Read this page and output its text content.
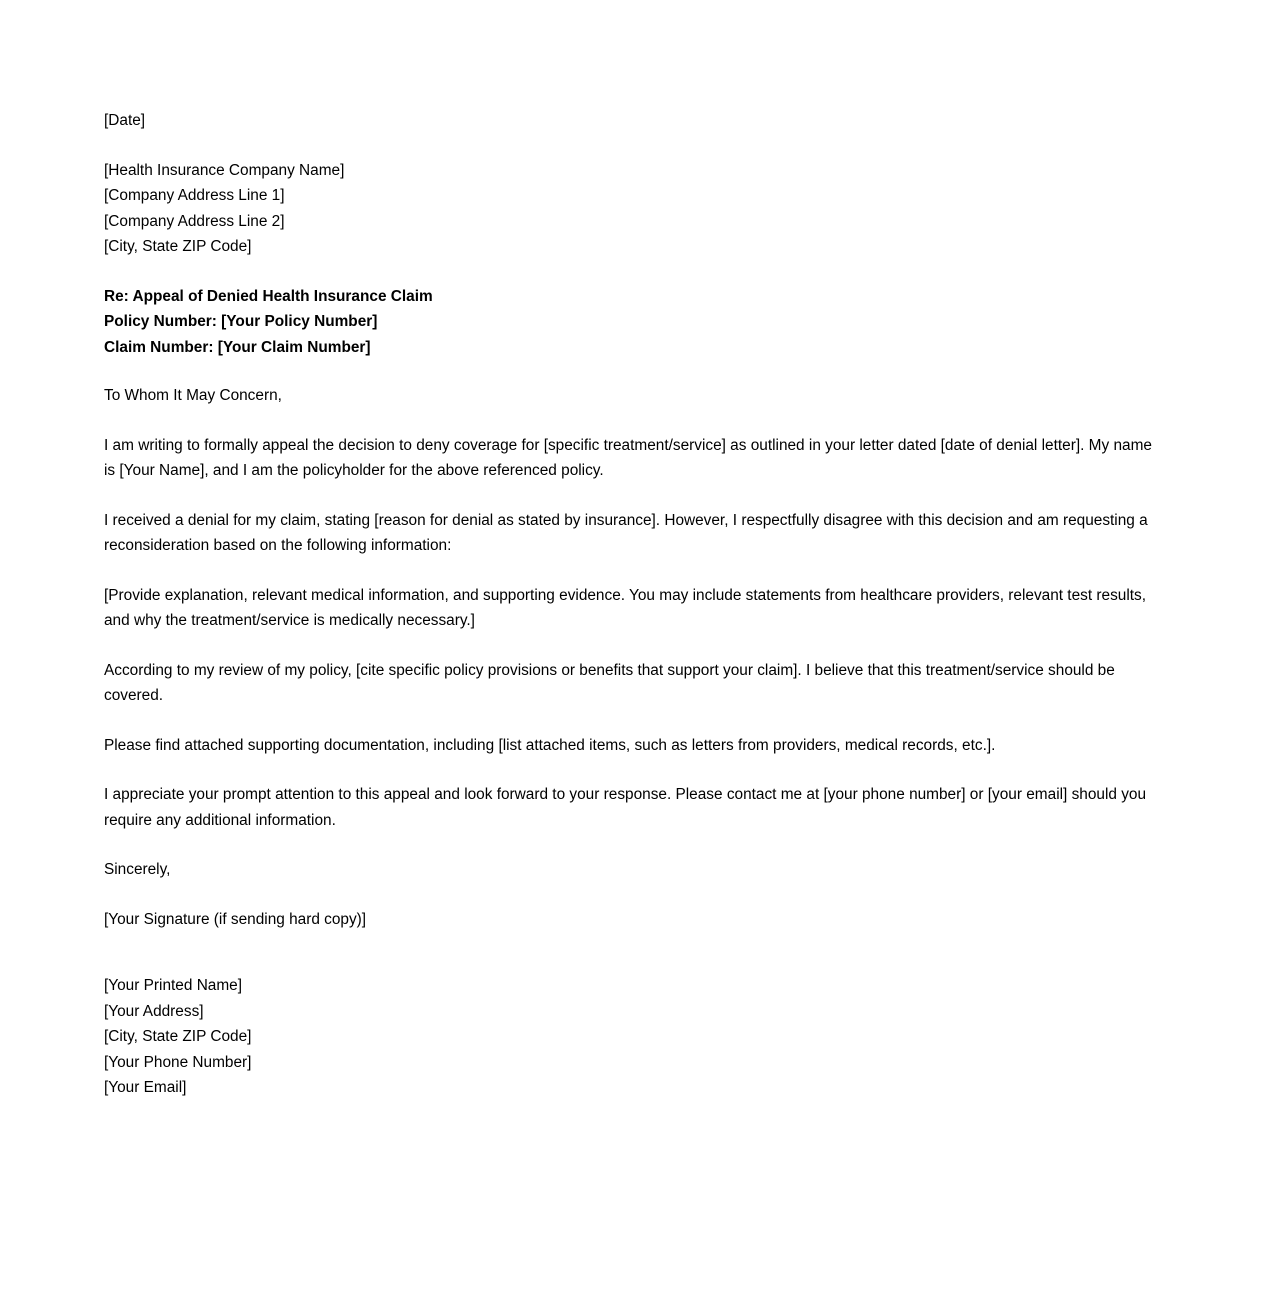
[Date]
[Health Insurance Company Name]
[Company Address Line 1]
[Company Address Line 2]
[City, State ZIP Code]
Re: Appeal of Denied Health Insurance Claim
Policy Number: [Your Policy Number]
Claim Number: [Your Claim Number]
To Whom It May Concern,

I am writing to formally appeal the decision to deny coverage for [specific treatment/service] as outlined in your letter dated [date of denial letter]. My name is [Your Name], and I am the policyholder for the above referenced policy.

I received a denial for my claim, stating [reason for denial as stated by insurance]. However, I respectfully disagree with this decision and am requesting a reconsideration based on the following information:

[Provide explanation, relevant medical information, and supporting evidence. You may include statements from healthcare providers, relevant test results, and why the treatment/service is medically necessary.]

According to my review of my policy, [cite specific policy provisions or benefits that support your claim]. I believe that this treatment/service should be covered.

Please find attached supporting documentation, including [list attached items, such as letters from providers, medical records, etc.].

I appreciate your prompt attention to this appeal and look forward to your response. Please contact me at [your phone number] or [your email] should you require any additional information.

Sincerely,
[Your Signature (if sending hard copy)]
[Your Printed Name]
[Your Address]
[City, State ZIP Code]
[Your Phone Number]
[Your Email]
